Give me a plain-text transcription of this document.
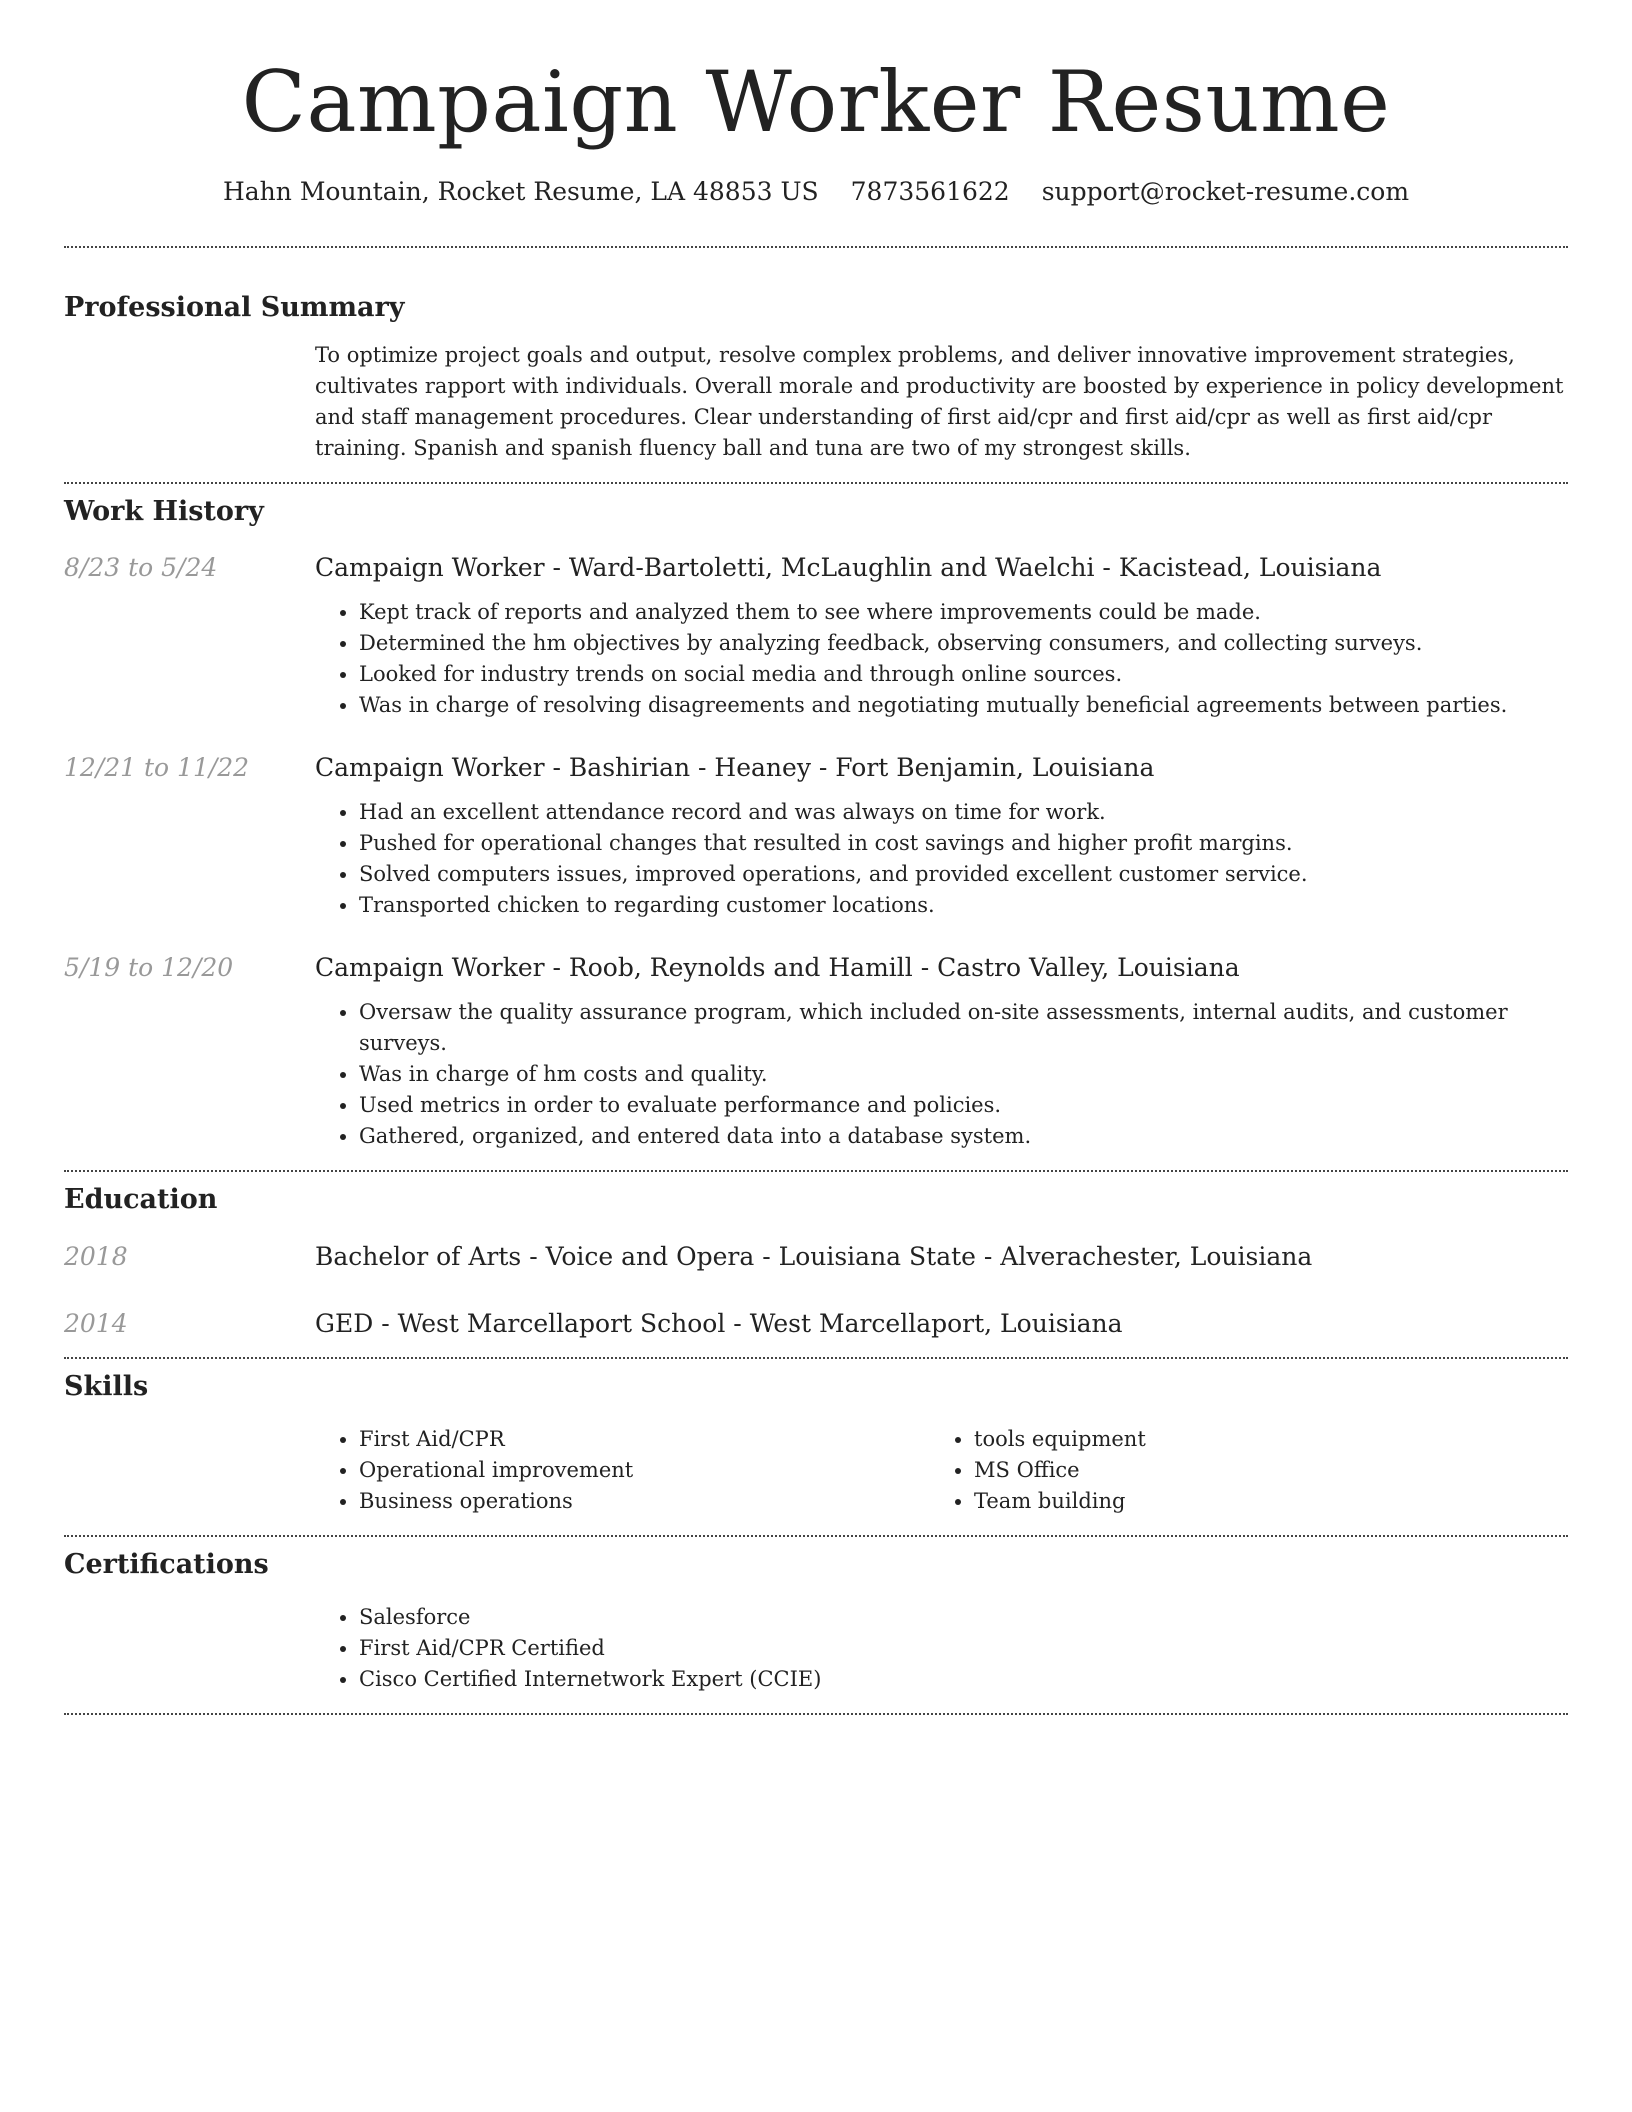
Campaign Worker Resume
Hahn Mountain, Rocket Resume, LA 48853 US 7873561622 support@rocket-resume.com
Professional Summary

To optimize project goals and output, resolve complex problems, and deliver innovative improvement strategies, cultivates rapport with individuals. Overall morale and productivity are boosted by experience in policy development and staff management procedures. Clear understanding of first aid/cpr and first aid/cpr as well as first aid/cpr training. Spanish and spanish fluency ball and tuna are two of my strongest skills.

Work History
8/23 to 5/24	Campaign Worker - Ward-Bartoletti, McLaughlin and Waelchi - Kacistead, Louisiana
• Kept track of reports and analyzed them to see where improvements could be made.
• Determined the hm objectives by analyzing feedback, observing consumers, and collecting surveys.
• Looked for industry trends on social media and through online sources.
• Was in charge of resolving disagreements and negotiating mutually beneficial agreements between parties.
12/21 to 11/22	Campaign Worker - Bashirian - Heaney - Fort Benjamin, Louisiana
• Had an excellent attendance record and was always on time for work.
• Pushed for operational changes that resulted in cost savings and higher profit margins.
• Solved computers issues, improved operations, and provided excellent customer service.
• Transported chicken to regarding customer locations.
5/19 to 12/20	Campaign Worker - Roob, Reynolds and Hamill - Castro Valley, Louisiana
• Oversaw the quality assurance program, which included on-site assessments, internal audits, and customer surveys.
• Was in charge of hm costs and quality.
• Used metrics in order to evaluate performance and policies.
• Gathered, organized, and entered data into a database system.
Education
2018	Bachelor of Arts - Voice and Opera - Louisiana State - Alverachester, Louisiana
2014	GED - West Marcellaport School - West Marcellaport, Louisiana
Skills
• First Aid/CPR
• Operational improvement
• Business operations
• tools equipment
• MS Office
• Team building
Certifications
• Salesforce
• First Aid/CPR Certified
• Cisco Certified Internetwork Expert (CCIE)
